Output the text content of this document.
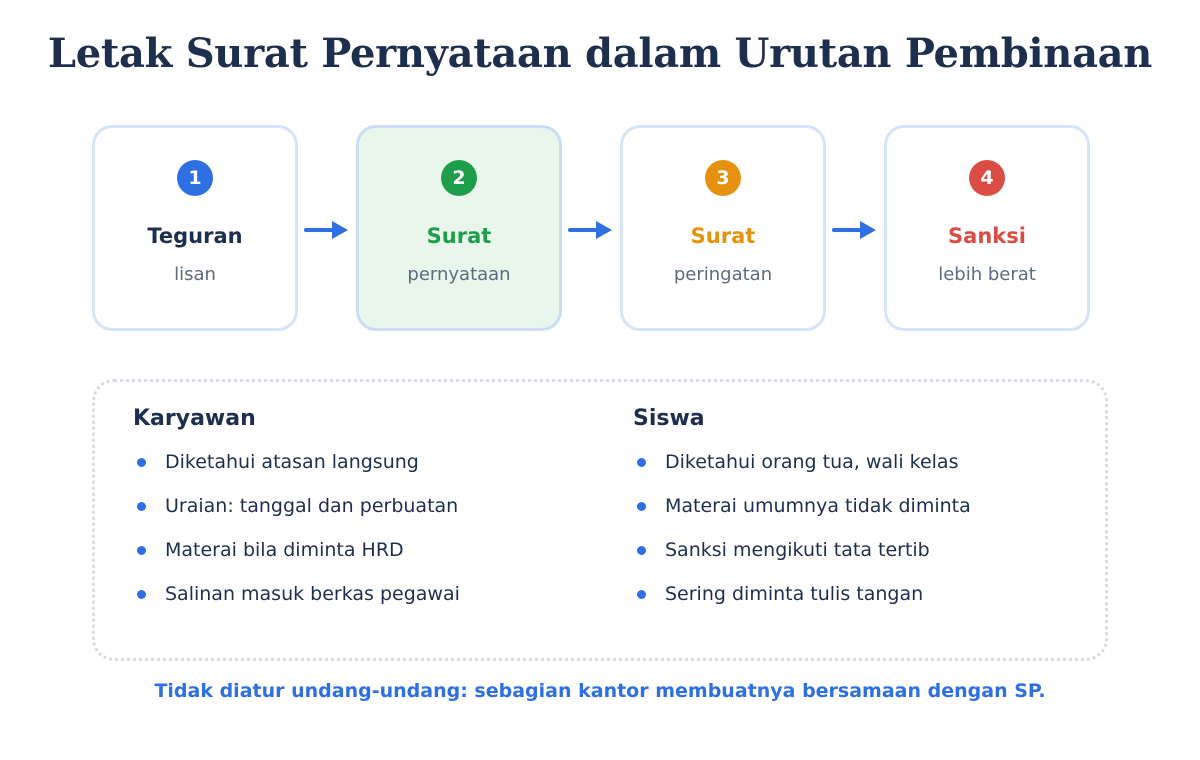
Letak Surat Pernyataan dalam Urutan Pembinaan
1
Teguran
lisan
2
Surat
pernyataan
3
Surat
peringatan
4
Sanksi
lebih berat
Karyawan
Diketahui atasan langsung
Uraian: tanggal dan perbuatan
Materai bila diminta HRD
Salinan masuk berkas pegawai
Siswa
Diketahui orang tua, wali kelas
Materai umumnya tidak diminta
Sanksi mengikuti tata tertib
Sering diminta tulis tangan
Tidak diatur undang-undang: sebagian kantor membuatnya bersamaan dengan SP.
